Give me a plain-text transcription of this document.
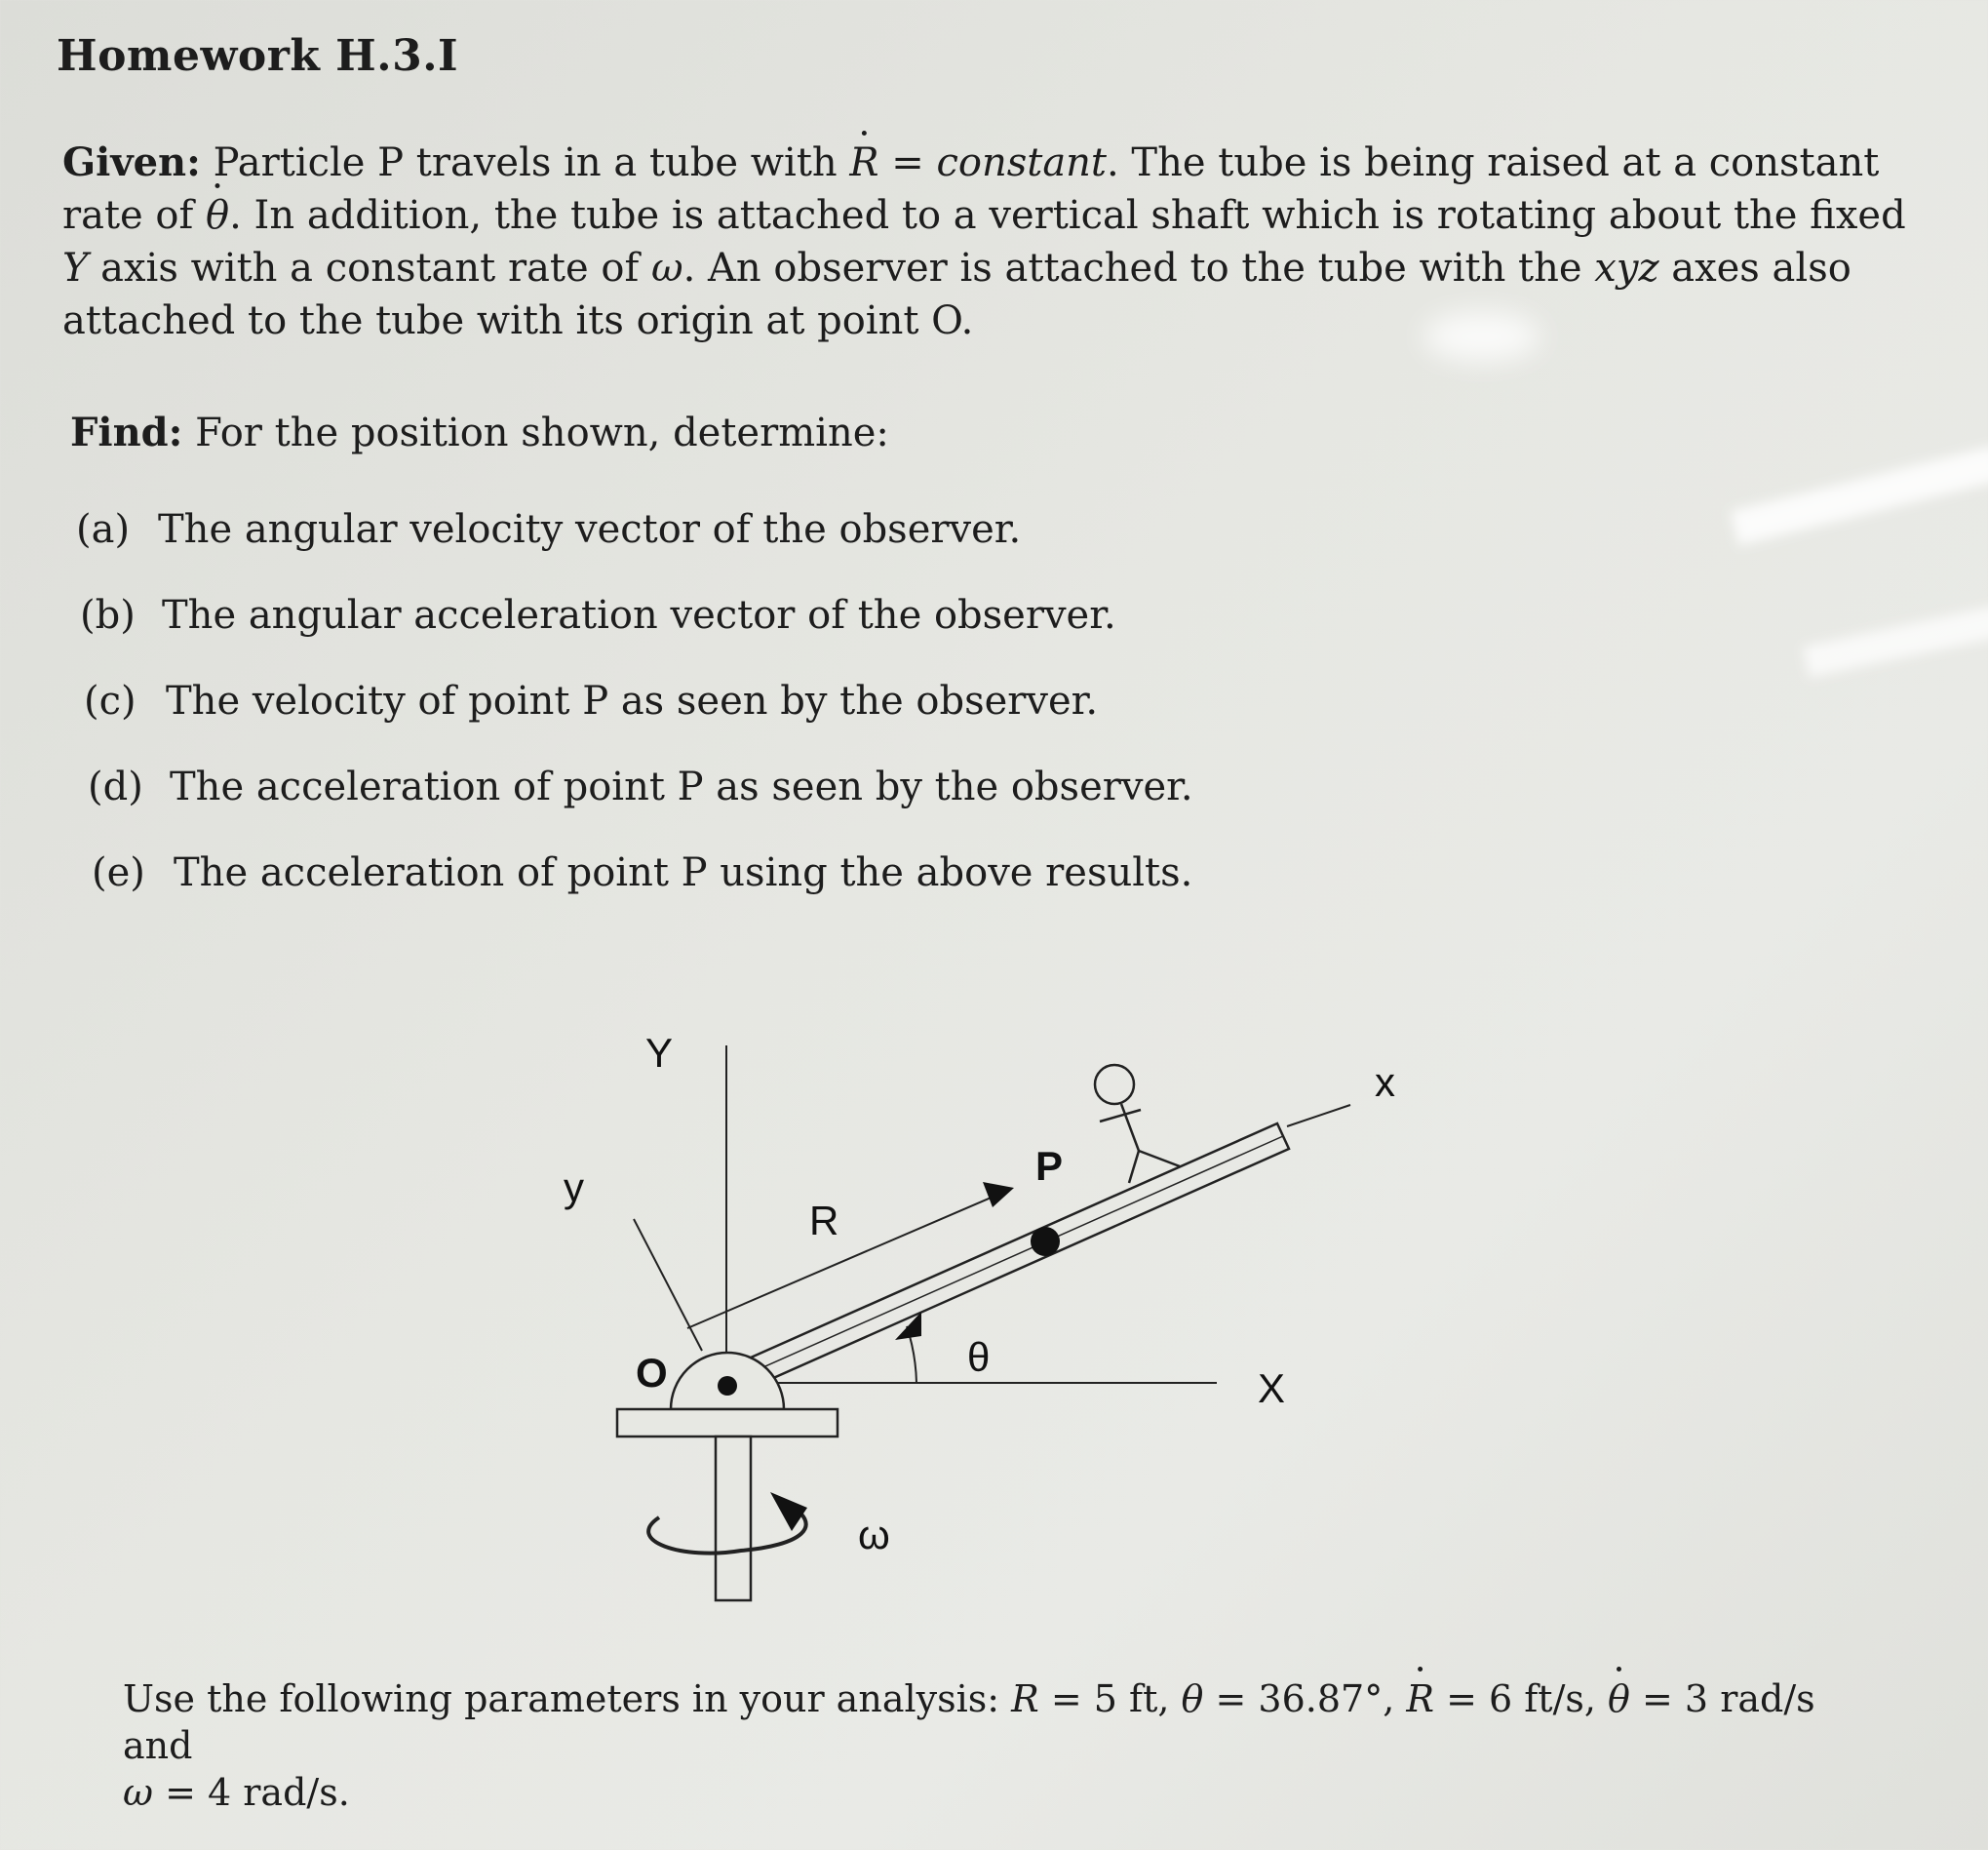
Homework H.3.I
Given: Particle P travels in a tube with R · = constant. The tube is being raised at a constant rate of θ ·. In addition, the tube is attached to a vertical shaft which is rotating about the fixed Y axis with a constant rate of ω. An observer is attached to the tube with the xyz axes also attached to the tube with its origin at point O.
Find: For the position shown, determine:
(a) The angular velocity vector of the observer.
(b) The angular acceleration vector of the observer.
(c) The velocity of point P as seen by the observer.
(d) The acceleration of point P as seen by the observer.
(e) The acceleration of point P using the above results.
Y
y
x
X
R
P
O	θ
ω
Use the following parameters in your analysis: R = 5 ft, θ = 36.87°, R · = 6 ft/s, θ · = 3 rad/s and
ω = 4 rad/s.
